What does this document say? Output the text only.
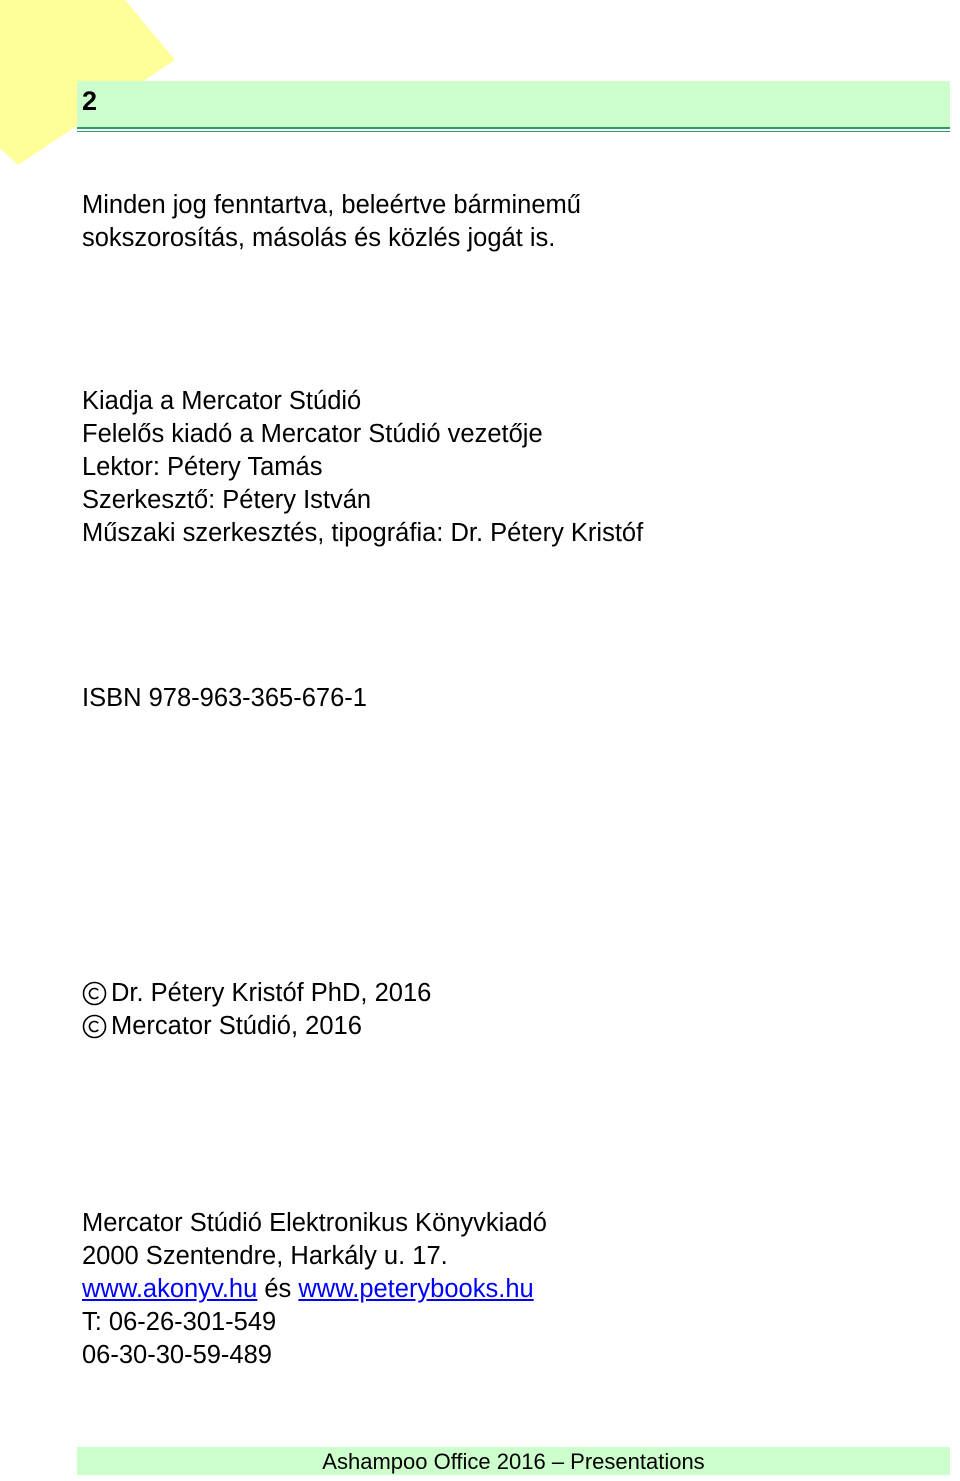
2
Minden jog fenntartva, beleértve bárminemű
sokszorosítás, másolás és közlés jogát is.
Kiadja a Mercator Stúdió
Felelős kiadó a Mercator Stúdió vezetője
Lektor: Pétery Tamás
Szerkesztő: Pétery István
Műszaki szerkesztés, tipográfia: Dr. Pétery Kristóf
ISBN 978-963-365-676-1
Dr. Pétery Kristóf PhD, 2016
Mercator Stúdió, 2016
Mercator Stúdió Elektronikus Könyvkiadó
2000 Szentendre, Harkály u. 17.
www.akonyv.hu és www.peterybooks.hu
T: 06-26-301-549
06-30-30-59-489
Ashampoo Office 2016 – Presentations
